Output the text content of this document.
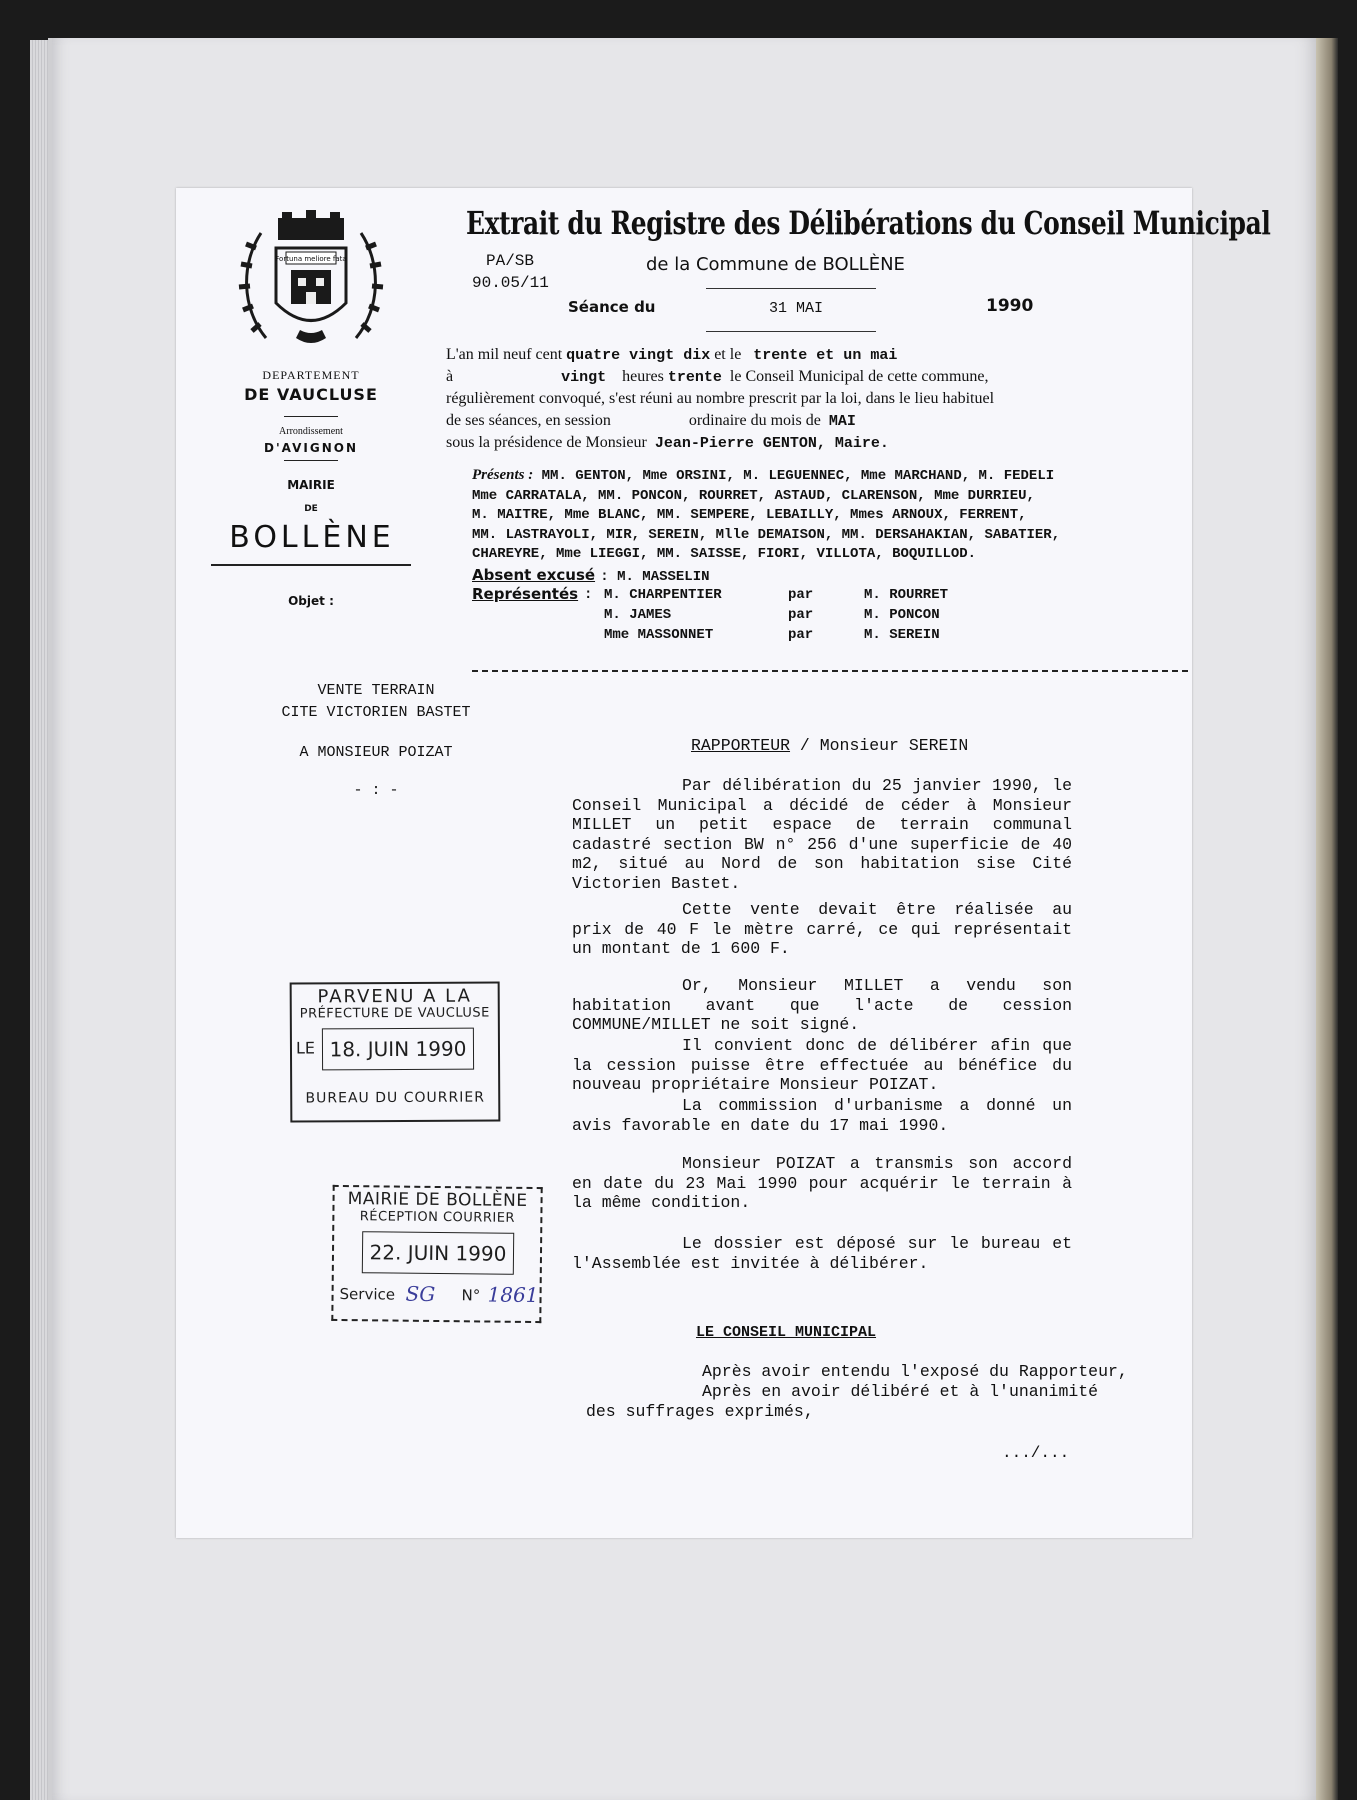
Fortuna meliore fata
DEPARTEMENT
DE VAUCLUSE
Arrondissement
D'AVIGNON
MAIRIE
DE
BOLLÈNE
Objet :
Extrait du Registre des Délibérations du Conseil Municipal
PA/SB
90.05/11
de la Commune de BOLLÈNE
Séance du	31 MAI	1990
L'an mil neuf cent quatre vingt dix et le trente et un mai
à	vingt heures trente le Conseil Municipal de cette commune,
régulièrement convoqué, s'est réuni au nombre prescrit par la loi, dans le lieu habituel
de ses séances, en session	ordinaire du mois de MAI
sous la présidence de Monsieur Jean-Pierre GENTON, Maire.
Présents : MM. GENTON, Mme ORSINI, M. LEGUENNEC, Mme MARCHAND, M. FEDELI
Mme CARRATALA, MM. PONCON, ROURRET, ASTAUD, CLARENSON, Mme DURRIEU,
M. MAITRE, Mme BLANC, MM. SEMPERE, LEBAILLY, Mmes ARNOUX, FERRENT,
MM. LASTRAYOLI, MIR, SEREIN, Mlle DEMAISON, MM. DERSAHAKIAN, SABATIER,
CHAREYRE, Mme LIEGGI, MM. SAISSE, FIORI, VILLOTA, BOQUILLOD.
Absent excusé : M. MASSELIN
Représentés : M. CHARPENTIER	par	M. ROURRET
M. JAMES	par	M. PONCON
Mme MASSONNET	par	M. SEREIN
VENTE TERRAIN
CITE VICTORIEN BASTET
A MONSIEUR POIZAT
- : -
RAPPORTEUR / Monsieur SEREIN
Par délibération du 25 janvier 1990, le Conseil Municipal a décidé de céder à Monsieur MILLET un petit espace de terrain communal cadastré section BW n° 256 d'une superficie de 40 m2, situé au Nord de son habitation sise Cité Victorien Bastet.
Cette vente devait être réalisée au prix de 40 F le mètre carré, ce qui représentait un montant de 1 600 F.
Or, Monsieur MILLET a vendu son habitation avant que l'acte de cession COMMUNE/MILLET ne soit signé.
Il convient donc de délibérer afin que la cession puisse être effectuée au bénéfice du nouveau propriétaire Monsieur POIZAT.
La commission d'urbanisme a donné un avis favorable en date du 17 mai 1990.
Monsieur POIZAT a transmis son accord en date du 23 Mai 1990 pour acquérir le terrain à la même condition.
Le dossier est déposé sur le bureau et l'Assemblée est invitée à délibérer.
LE CONSEIL MUNICIPAL
Après avoir entendu l'exposé du Rapporteur,
Après en avoir délibéré et à l'unanimité
des suffrages exprimés,
.../...
PARVENU A LA
PRÉFECTURE DE VAUCLUSE
LE 18. JUIN 1990
BUREAU DU COURRIER
MAIRIE DE BOLLÈNE
RÉCEPTION COURRIER
22. JUIN 1990
Service SG N° 1861
